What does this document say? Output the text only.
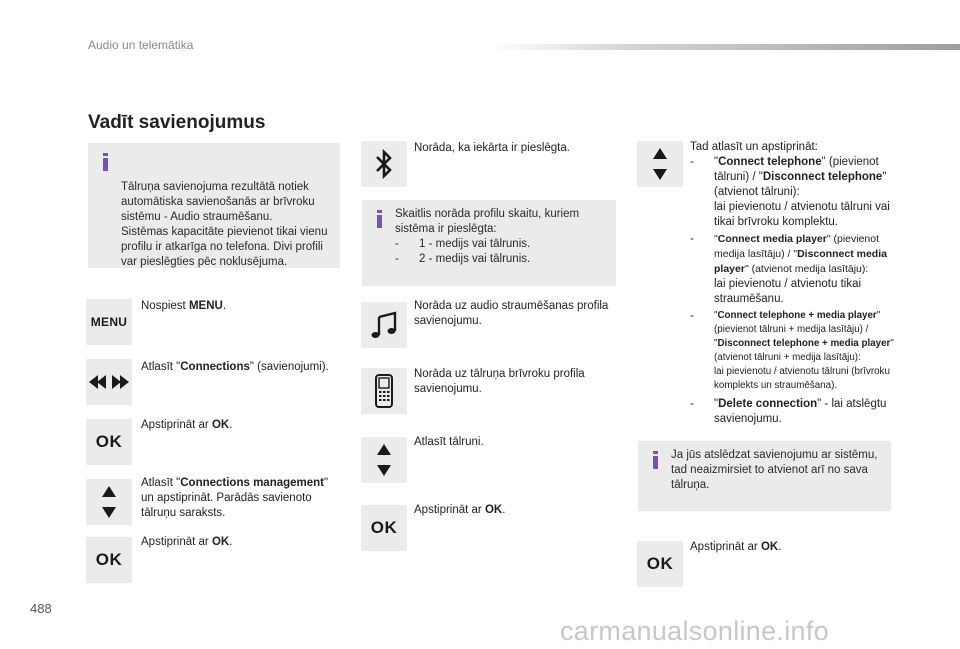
Audio un telemātika
Vadīt savienojumus

Tālruņa savienojuma rezultātā notiek automātiska savienošanās ar brīvroku sistēmu - Audio straumēšanu.
Sistēmas kapacitāte pievienot tikai vienu profilu ir atkarīga no telefona. Divi profili var pieslēgties pēc noklusējuma.

MENU
Nospiest MENU.
Atlasīt "Connections" (savienojumi).
OK
Apstiprināt ar OK.
Atlasīt "Connections management" un apstiprināt. Parādās savienoto tālruņu saraksts.
OK
Apstiprināt ar OK.
Norāda, ka iekārta ir pieslēgta.

Skaitlis norāda profilu skaitu, kuriem sistēma ir pieslēgta:

-	1 - medijs vai tālrunis.
-	2 - medijs vai tālrunis.
Norāda uz audio straumēšanas profila savienojumu.
Norāda uz tālruņa brīvroku profila savienojumu.
Atlasīt tālruni.
OK
Apstiprināt ar OK.

Tad atlasīt un apstiprināt:

-	"Connect telephone" (pievienot tālruni) / "Disconnect telephone" (atvienot tālruni):
lai pievienotu / atvienotu tālruni vai tikai brīvroku komplektu.
-	"Connect media player" (pievienot medija lasītāju) / "Disconnect media player" (atvienot medija lasītāju):
lai pievienotu / atvienotu tikai straumēšanu.
-	"Connect telephone + media player" (pievienot tālruni + medija lasītāju) / "Disconnect telephone + media player" (atvienot tālruni + medija lasītāju):
lai pievienotu / atvienotu tālruni (brīvroku komplekts un straumēšana).
-	"Delete connection" - lai atslēgtu savienojumu.

Ja jūs atslēdzat savienojumu ar sistēmu, tad neaizmirsiet to atvienot arī no sava tālruņa.

OK
Apstiprināt ar OK.
488
carmanualsonline.info
